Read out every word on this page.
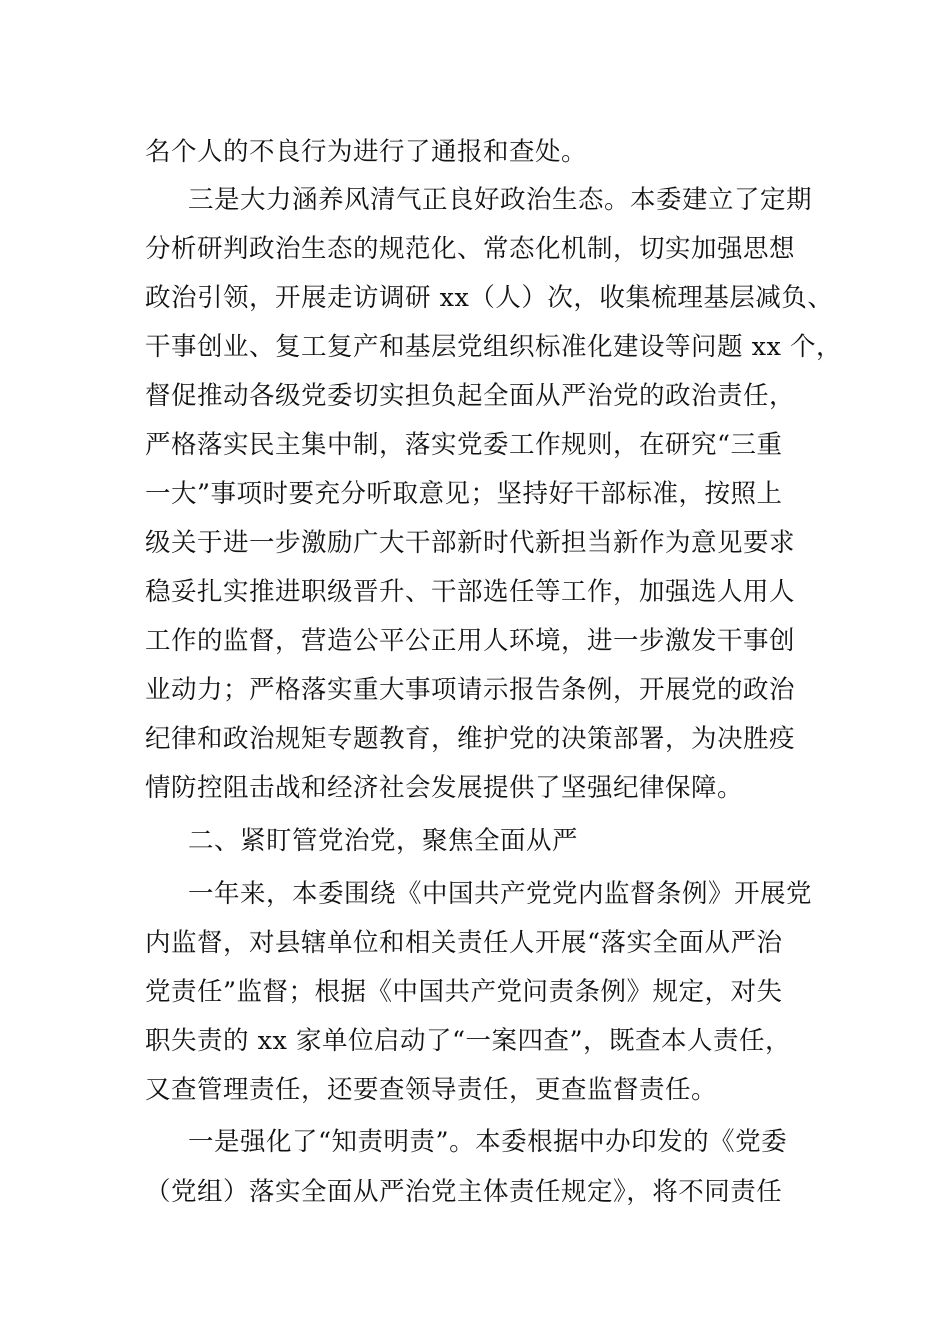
名个人的不良行为进行了通报和查处。
三是大力涵养风清气正良好政治生态。本委建立了定期
分析研判政治生态的规范化、常态化机制，切实加强思想
政治引领，开展走访调研 xx（人）次，收集梳理基层减负、
干事创业、复工复产和基层党组织标准化建设等问题 xx 个，
督促推动各级党委切实担负起全面从严治党的政治责任，
严格落实民主集中制，落实党委工作规则，在研究“三重
一大”事项时要充分听取意见；坚持好干部标准，按照上
级关于进一步激励广大干部新时代新担当新作为意见要求
稳妥扎实推进职级晋升、干部选任等工作，加强选人用人
工作的监督，营造公平公正用人环境，进一步激发干事创
业动力；严格落实重大事项请示报告条例，开展党的政治
纪律和政治规矩专题教育，维护党的决策部署，为决胜疫
情防控阻击战和经济社会发展提供了坚强纪律保障。
二、紧盯管党治党，聚焦全面从严
一年来，本委围绕《中国共产党党内监督条例》开展党
内监督，对县辖单位和相关责任人开展“落实全面从严治
党责任”监督；根据《中国共产党问责条例》规定，对失
职失责的 xx 家单位启动了“一案四查”，既查本人责任，
又查管理责任，还要查领导责任，更查监督责任。
一是强化了“知责明责”。本委根据中办印发的《党委
（党组）落实全面从严治党主体责任规定》，将不同责任
